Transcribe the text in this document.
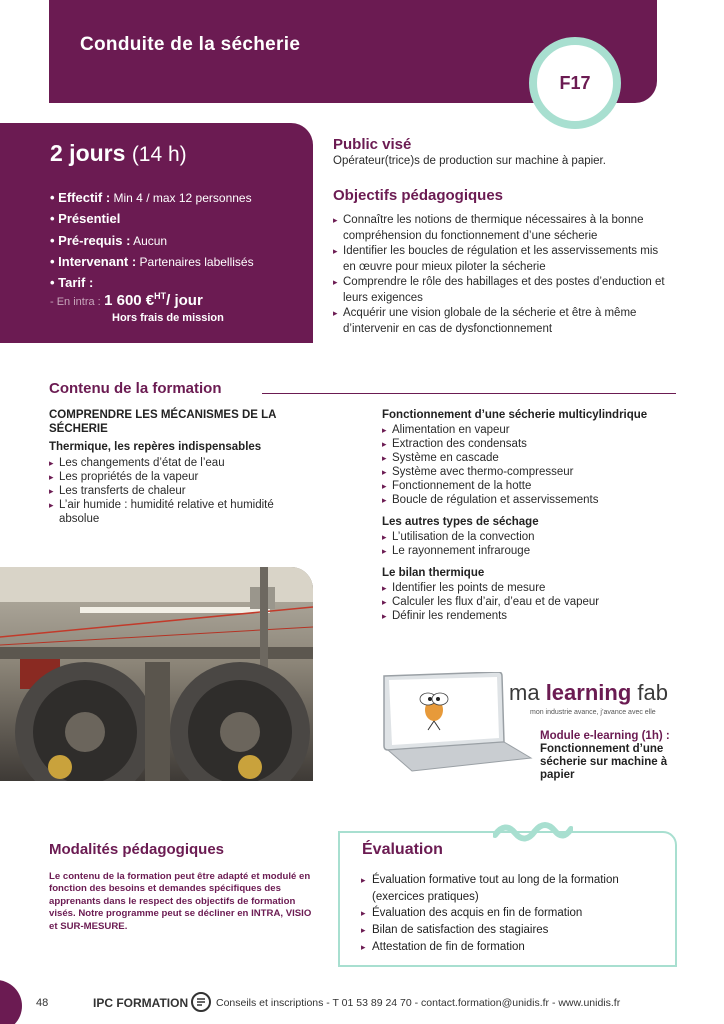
Conduite de la sécherie
F17
2 jours (14 h)
• Effectif : Min 4 / max 12 personnes
• Présentiel
• Pré-requis : Aucun
• Intervenant : Partenaires labellisés
• Tarif :
- En intra : 1 600 €$^{HT}$/ jour
Hors frais de mission
Public visé
Opérateur(trice)s de production sur machine à papier.
Objectifs pédagogiques
▸ Connaître les notions de thermique nécessaires à la bonne compréhension du fonctionnement d’une sécherie
▸ Identifier les boucles de régulation et les asservissements mis en œuvre pour mieux piloter la sécherie
▸ Comprendre le rôle des habillages et des postes d’enduction et leurs exigences
▸ Acquérir une vision globale de la sécherie et être à même d’intervenir en cas de dysfonctionnement
Contenu de la formation
COMPRENDRE LES MÉCANISMES DE LA SÉCHERIE
Thermique, les repères indispensables
▸ Les changements d’état de l’eau
▸ Les propriétés de la vapeur
▸ Les transferts de chaleur
▸ L’air humide : humidité relative et humidité absolue
Fonctionnement d’une sécherie multicylindrique
▸ Alimentation en vapeur
▸ Extraction des condensats
▸ Système en cascade
▸ Système avec thermo-compresseur
▸ Fonctionnement de la hotte
▸ Boucle de régulation et asservissements
Les autres types de séchage
▸ L’utilisation de la convection
▸ Le rayonnement infrarouge
Le bilan thermique
▸ Identifier les points de mesure
▸ Calculer les flux d’air, d’eau et de vapeur
▸ Définir les rendements
ma learning fab
mon industrie avance, j’avance avec elle
Module e-learning (1h) :
Fonctionnement d’une sécherie sur machine à papier
Modalités pédagogiques
Le contenu de la formation peut être adapté et modulé en fonction des besoins et demandes spécifiques des apprenants dans le respect des objectifs de formation visés. Notre programme peut se décliner en INTRA, VISIO et SUR-MESURE.
Évaluation
▸ Évaluation formative tout au long de la formation (exercices pratiques)
▸ Évaluation des acquis en fin de formation
▸ Bilan de satisfaction des stagiaires
▸ Attestation de fin de formation
48	IPC FORMATION	Conseils et inscriptions - T 01 53 89 24 70 - contact.formation@unidis.fr - www.unidis.fr
